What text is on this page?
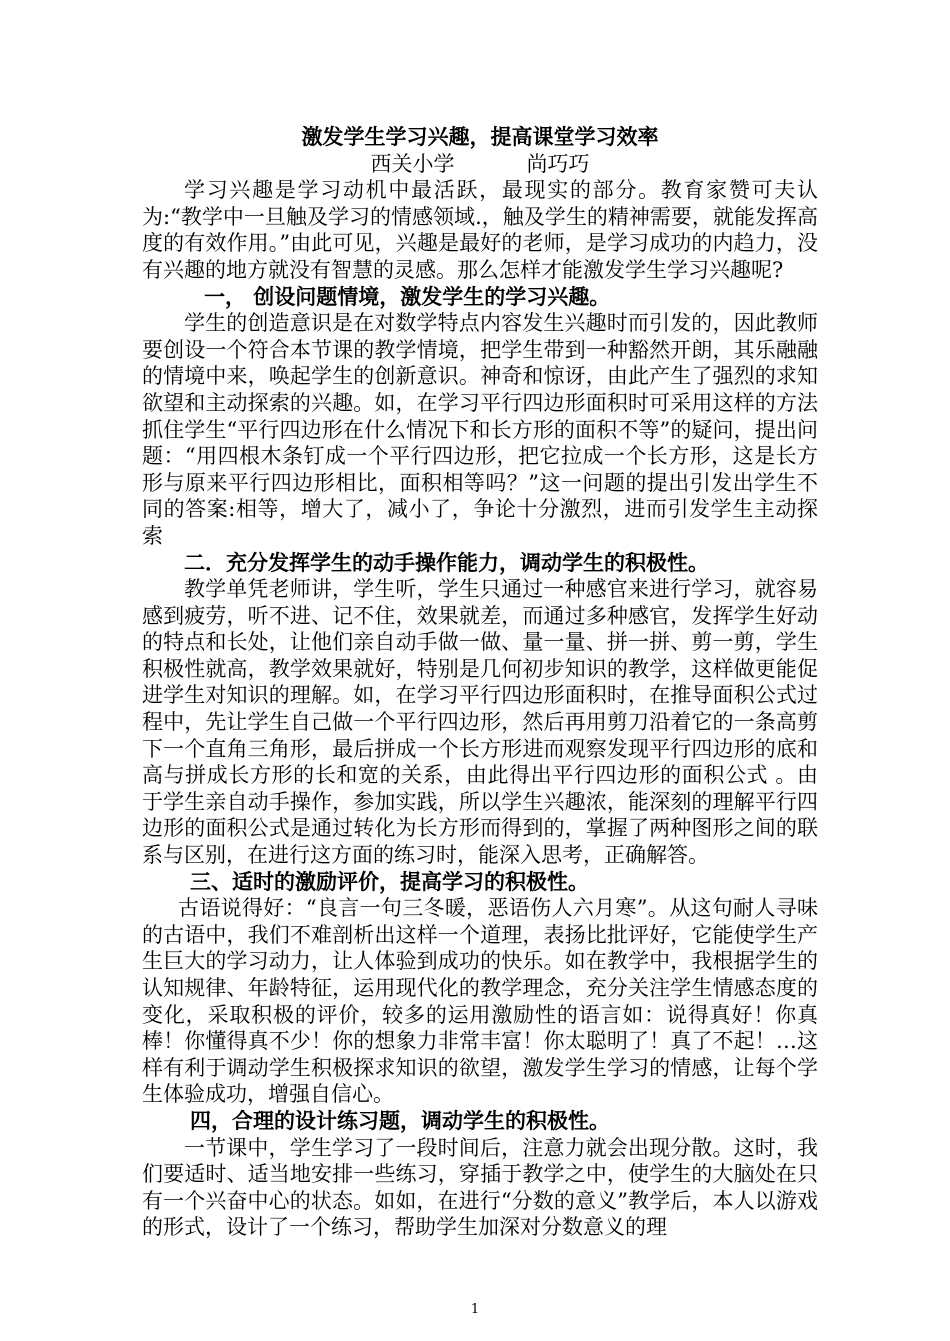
激发学生学习兴趣，提高课堂学习效率

西关小学	尚巧巧

学习兴趣是学习动机中最活跃，最现实的部分。教育家赞可夫认为:“教学中一旦触及学习的情感领域.，触及学生的精神需要，就能发挥高度的有效作用。”由此可见，兴趣是最好的老师，是学习成功的内趋力，没有兴趣的地方就没有智慧的灵感。那么怎样才能激发学生学习兴趣呢?

一， 创设问题情境，激发学生的学习兴趣。

学生的创造意识是在对数学特点内容发生兴趣时而引发的，因此教师要创设一个符合本节课的教学情境，把学生带到一种豁然开朗，其乐融融的情境中来，唤起学生的创新意识。神奇和惊讶，由此产生了强烈的求知欲望和主动探索的兴趣。如，在学习平行四边形面积时可采用这样的方法抓住学生“平行四边形在什么情况下和长方形的面积不等”的疑问，提出问题：“用四根木条钉成一个平行四边形，把它拉成一个长方形，这是长方形与原来平行四边形相比，面积相等吗？”这一问题的提出引发出学生不同的答案:相等，增大了，减小了，争论十分激烈，进而引发学生主动探索

二．充分发挥学生的动手操作能力，调动学生的积极性。

教学单凭老师讲，学生听，学生只通过一种感官来进行学习，就容易感到疲劳，听不进、记不住，效果就差，而通过多种感官，发挥学生好动的特点和长处，让他们亲自动手做一做、量一量、拼一拼、剪一剪，学生积极性就高，教学效果就好，特别是几何初步知识的教学，这样做更能促进学生对知识的理解。如，在学习平行四边形面积时，在推导面积公式过程中，先让学生自己做一个平行四边形，然后再用剪刀沿着它的一条高剪下一个直角三角形，最后拼成一个长方形进而观察发现平行四边形的底和高与拼成长方形的长和宽的关系，由此得出平行四边形的面积公式 。由于学生亲自动手操作，参加实践，所以学生兴趣浓，能深刻的理解平行四边形的面积公式是通过转化为长方形而得到的，掌握了两种图形之间的联系与区别，在进行这方面的练习时，能深入思考，正确解答。

三、适时的激励评价，提高学习的积极性。

古语说得好：“良言一句三冬暖，恶语伤人六月寒”。从这句耐人寻味的古语中，我们不难剖析出这样一个道理，表扬比批评好，它能使学生产生巨大的学习动力，让人体验到成功的快乐。如在教学中，我根据学生的认知规律、年龄特征，运用现代化的教学理念，充分关注学生情感态度的变化，采取积极的评价，较多的运用激励性的语言如：说得真好！你真棒！你懂得真不少！你的想象力非常丰富！你太聪明了！真了不起！…这样有利于调动学生积极探求知识的欲望，激发学生学习的情感，让每个学生体验成功，增强自信心。

四，合理的设计练习题，调动学生的积极性。

一节课中，学生学习了一段时间后，注意力就会出现分散。这时，我们要适时、适当地安排一些练习，穿插于教学之中，使学生的大脑处在只有一个兴奋中心的状态。如如，在进行“分数的意义”教学后，本人以游戏的形式，设计了一个练习，帮助学生加深对分数意义的理

1
